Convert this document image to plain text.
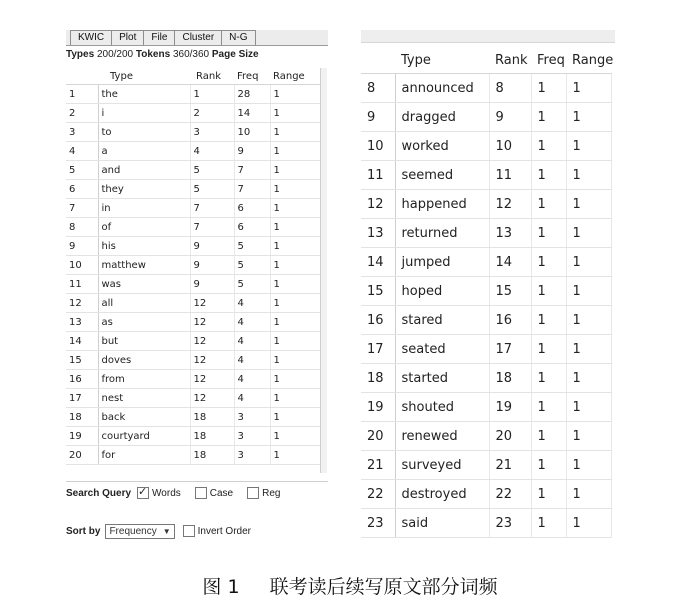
KWIC	Plot	File	Cluster	N-G
Types 200/200 Tokens 360/360 Page Size
	Type	Rank	Freq	Range
1	the	1	28	1
2	i	2	14	1
3	to	3	10	1
4	a	4	9	1
5	and	5	7	1
6	they	5	7	1
7	in	7	6	1
8	of	7	6	1
9	his	9	5	1
10	matthew	9	5	1
11	was	9	5	1
12	all	12	4	1
13	as	12	4	1
14	but	12	4	1
15	doves	12	4	1
16	from	12	4	1
17	nest	12	4	1
18	back	18	3	1
19	courtyard	18	3	1
20	for	18	3	1
Search Query ✓ Words	Case	Reg
Sort by Frequency ▼	Invert Order
	Type	Rank	Freq	Range
8	announced	8	1	1
9	dragged	9	1	1
10	worked	10	1	1
11	seemed	11	1	1
12	happened	12	1	1
13	returned	13	1	1
14	jumped	14	1	1
15	hoped	15	1	1
16	stared	16	1	1
17	seated	17	1	1
18	started	18	1	1
19	shouted	19	1	1
20	renewed	20	1	1
21	surveyed	21	1	1
22	destroyed	22	1	1
23	said	23	1	1
图 1 联考读后续写原文部分词频
